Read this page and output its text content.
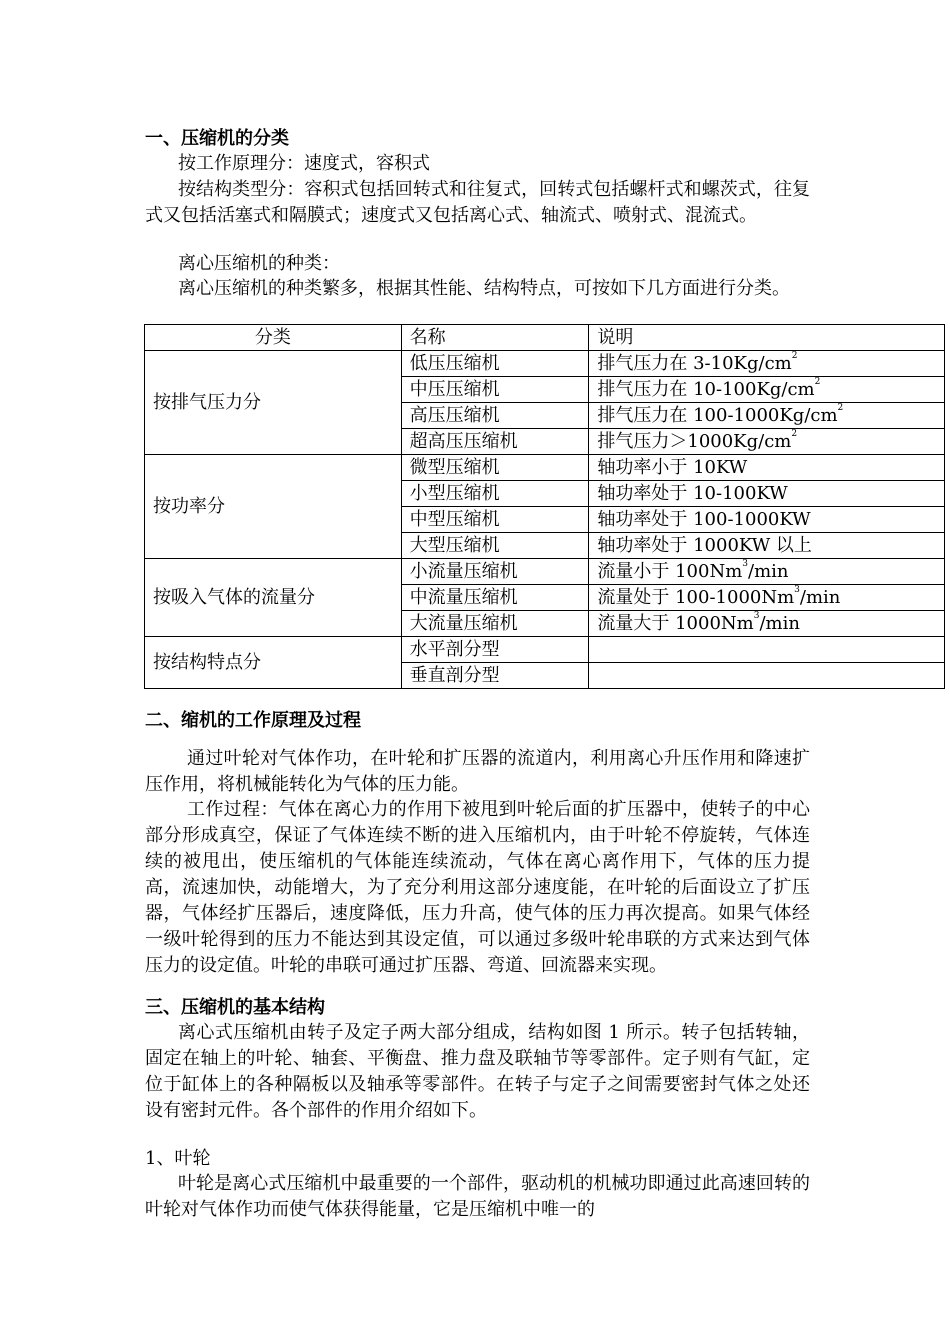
一、压缩机的分类

按工作原理分：速度式，容积式

按结构类型分：容积式包括回转式和往复式，回转式包括螺杆式和螺茨式，往复式又包括活塞式和隔膜式；速度式又包括离心式、轴流式、喷射式、混流式。

离心压缩机的种类：

离心压缩机的种类繁多，根据其性能、结构特点，可按如下几方面进行分类。

分类	名称	说明
按排气压力分	低压压缩机	排气压力在 $3-10Kg/cm^2$
	中压压缩机	排气压力在 $10-100Kg/cm^2$
	高压压缩机	排气压力在 $100-1000Kg/cm^2$
	超高压压缩机	排气压力$>1000Kg/cm^2$
按功率分	微型压缩机	轴功率小于 10KW
	小型压缩机	轴功率处于 10-100KW
	中型压缩机	轴功率处于 100-1000KW
	大型压缩机	轴功率处于 1000KW 以上
按吸入气体的流量分	小流量压缩机	流量小于 100Nm$^3$/min
	中流量压缩机	流量处于 100-1000Nm$^3$/min
	大流量压缩机	流量大于 1000Nm$^3$/min
按结构特点分	水平剖分型	
	垂直剖分型	
二、缩机的工作原理及过程

通过叶轮对气体作功，在叶轮和扩压器的流道内，利用离心升压作用和降速扩压作用，将机械能转化为气体的压力能。

工作过程：气体在离心力的作用下被甩到叶轮后面的扩压器中，使转子的中心部分形成真空，保证了气体连续不断的进入压缩机内，由于叶轮不停旋转，气体连续的被甩出，使压缩机的气体能连续流动，气体在离心离作用下，气体的压力提高，流速加快，动能增大，为了充分利用这部分速度能，在叶轮的后面设立了扩压器，气体经扩压器后，速度降低，压力升高，使气体的压力再次提高。如果气体经一级叶轮得到的压力不能达到其设定值，可以通过多级叶轮串联的方式来达到气体压力的设定值。叶轮的串联可通过扩压器、弯道、回流器来实现。

三、压缩机的基本结构

离心式压缩机由转子及定子两大部分组成，结构如图 1 所示。转子包括转轴，固定在轴上的叶轮、轴套、平衡盘、推力盘及联轴节等零部件。定子则有气缸，定位于缸体上的各种隔板以及轴承等零部件。在转子与定子之间需要密封气体之处还设有密封元件。各个部件的作用介绍如下。

1、叶轮

叶轮是离心式压缩机中最重要的一个部件，驱动机的机械功即通过此高速回转的叶轮对气体作功而使气体获得能量，它是压缩机中唯一的
